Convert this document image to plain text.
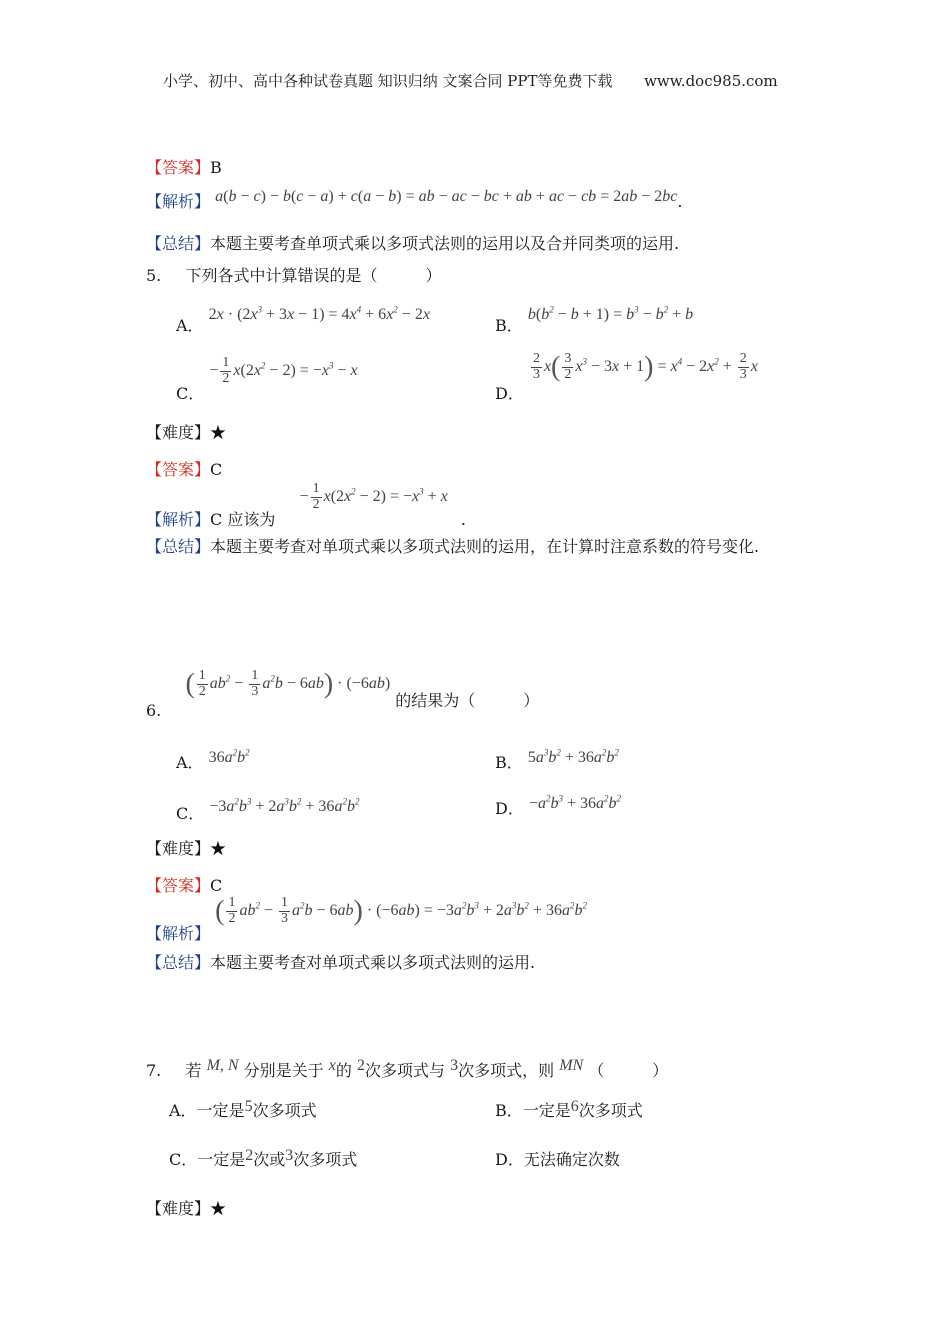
小学、初中、高中各种试卷真题 知识归纳 文案合同 PPT等免费下载 www.doc985.com
【答案】B
【解析】 a(b − c) − b(c − a) + c(a − b) = ab − ac − bc + ab + ac − cb = 2ab − 2bc.
【总结】本题主要考查单项式乘以多项式法则的运用以及合并同类项的运用.
5. 下列各式中计算错误的是（　　　）
A． $2x \cdot (2x^3 + 3x - 1) = 4x^4 + 6x^2 - 2x$
B． $b(b^2 - b + 1) = b^3 - b^2 + b$
C． − $\frac{1}{2} x(2x^2 - 2) = -x^3 - x$
D．
$\frac{2}{3} x( \frac{3}{2} x^3 - 3x + 1) = x^4 - 2x^2 + \frac{2}{3}$ x
【难度】★
【答案】C
【解析】C 应该为  − $\frac{1}{2} x(2x^2 - 2) = -x^3 + x$ .
【总结】本题主要考查对单项式乘以多项式法则的运用，在计算时注意系数的符号变化.
6.  ( $\frac{1}{2} ab^2 - \frac{1}{3} a^2b - 6ab) \cdot (-6ab)$ 的结果为（　　　）
A． $36a^2b^2$
B． $5a^3b^2 + 36a^2b^2$
C． $-3a^2b^3 + 2a^3b^2 + 36a^2b^2$	D． $-a^2b^3 + 36a^2b^2$
【难度】★
【答案】C
【解析】 ( $\frac{1}{2} ab^2 - \frac{1}{3} a^2b - 6ab) \cdot (-6ab) = -3a^2b^3 + 2a^3b^2 + 36a^2b^2$
【总结】本题主要考查对单项式乘以多项式法则的运用.
7. 若 M, N 分别是关于 x的 2次多项式与 3次多项式，则 MN （　　　）
A．一定是5次多项式	B．一定是6次多项式
C．一定是2次或3次多项式	D．无法确定次数
【难度】★
